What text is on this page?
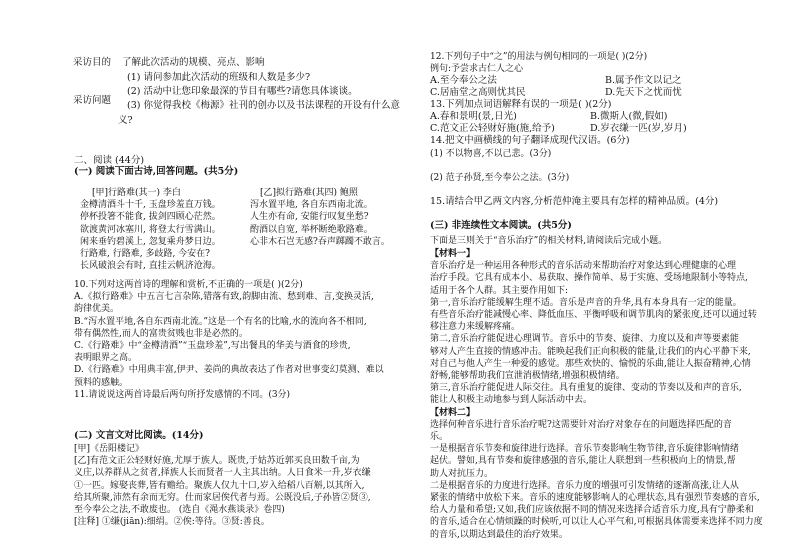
采访目的 了解此次活动的规模、亮点、影响
(1) 请问参加此次活动的班级和人数是多少?
采访问题
(2) 活动中让您印象最深的节目有哪些?请您具体谈谈。
(3) 你觉得我校《梅源》社刊的创办以及书法课程的开设有什么意
义?
二、阅读 (44分)
(一) 阅读下面古诗,回答问题。(共5分)
[甲]行路难(其一) 李白
金樽清酒斗十千, 玉盘珍羞直万钱。
停杯投箸不能食, 拔剑四顾心茫然。
欲渡黄河冰塞川, 将登太行雪满山。
闲来垂钓碧溪上, 忽复乘舟梦日边。
行路难, 行路难, 多歧路, 今安在?
长风破浪会有时, 直挂云帆济沧海。
[乙]拟行路难(其四) 鲍照
泻水置平地, 各自东西南北流。
人生亦有命, 安能行叹复坐愁?
酌酒以自宽, 举杯断绝歌路难。
心非木石岂无感?吞声踯躅不敢言。
10.下列对这两首诗的理解和赏析,不正确的一项是( )(2分)
A.《拟行路难》中五言七言杂陈,错落有致,韵脚由流、愁到难、言,变换灵活,
韵律优美。
B.“泻水置平地,各自东西南北流。”这是一个有名的比喻,水的流向各不相同,
带有偶然性,而人的富贵贫贱也非是必然的。
C.《行路难》中“金樽清酒”“玉盘珍羞”,写出餐具的华美与酒食的珍贵,
表明眼界之高。
D.《行路难》中用典丰富,伊尹、姜尚的典故表达了作者对世事变幻莫测、难以
预料的感触。
11.请说说这两首诗最后两句所抒发感情的不同。(3分)
(二) 文言文对比阅读。(14分)
[甲]《岳阳楼记》
[乙]有范文正公轻财好施,尤厚于族人。既贵,于姑苏近郭买良田数千亩,为
义庄,以养群从之贫者,择族人长而贤者一人主其出纳。人日食米一升,岁衣缣
①一匹。嫁娶丧葬,皆有赡给。聚族人仅九十口,岁入给稻八百斛,以其所入,
给其所聚,沛然有余而无穷。仕而家居俟代者与焉。公既没后,子孙皆②贤③,
至今奉公之法,不敢废也。 (选自《渑水燕谈录》卷四)
[注释] ①缣(jiān):细绢。②俟:等待。③贤:善良。
12.下列句子中“之”的用法与例句相同的一项是( )(2分)
例句:予尝求古仁人之心
A.至今奉公之法	B.属予作文以记之
C.居庙堂之高则忧其民	D.先天下之忧而忧
13.下列加点词语解释有误的一项是( )(2分)
A.春和景明(景,日光)	B.微斯人(微,假如)
C.范文正公轻财好施(施,给予)	D.岁衣缣一匹(岁,岁月)
14.把文中画横线的句子翻译成现代汉语。(6分)
(1) 不以物喜,不以己悲。(3分)
(2) 范子孙贤,至今奉公之法。(3分)
15.请结合甲乙两文内容,分析范仲淹主要具有怎样的精神品质。(4分)
(三) 非连续性文本阅读。(共5分)
下面是三则关于“音乐治疗”的相关材料,请阅读后完成小题。
【材料一】
音乐治疗是一种运用各种形式的音乐活动来帮助治疗对象达到心理健康的心理
治疗手段。它具有成本小、易获取、操作简单、易于实施、受场地限制小等特点,
适用于各个人群。其主要作用如下:
第一,音乐治疗能缓解生理不适。音乐是声音的升华,具有本身具有一定的能量。
有些音乐治疗能减慢心率、降低血压、平衡呼吸和调节肌肉的紧张度,还可以通过转
移注意力来缓解疼痛。
第二,音乐治疗能促进心理调节。音乐中的节奏、旋律、力度以及和声等要素能
够对人产生直接的情感冲击。能唤起我们正向积极的能量,让我们的内心平静下来,
对自己与他人产生一种爱的感觉。那些欢快的、愉悦的乐曲,能让人振奋精神,心情
舒畅,能够帮助我们宣泄消极情绪,增强积极情绪。
第三,音乐治疗能促进人际交往。具有重复的旋律、变动的节奏以及和声的音乐,
能让人积极主动地参与到人际活动中去。
【材料二】
选择何种音乐进行音乐治疗呢?这需要针对治疗对象存在的问题选择匹配的音
乐。
一是根据音乐节奏和旋律进行选择。音乐节奏影响生物节律,音乐旋律影响情绪
起伏。譬如,具有节奏和旋律感强的音乐,能让人联想到一些积极向上的情景,帮
助人对抗压力。
二是根据音乐的力度进行选择。音乐力度的增强可引发情绪的逐渐高涨,让人从
紧张的情绪中放松下来。音乐的速度能够影响人的心理状态,具有强烈节奏感的音乐,
给人力量和希望;又如,我们应该依据不同的情况来选择合适音乐力度,具有宁静柔和
的音乐,适合在心情烦躁的时候听,可以让人心平气和,可根据具体需要来选择不同力度
的音乐,以期达到最佳的治疗效果。
